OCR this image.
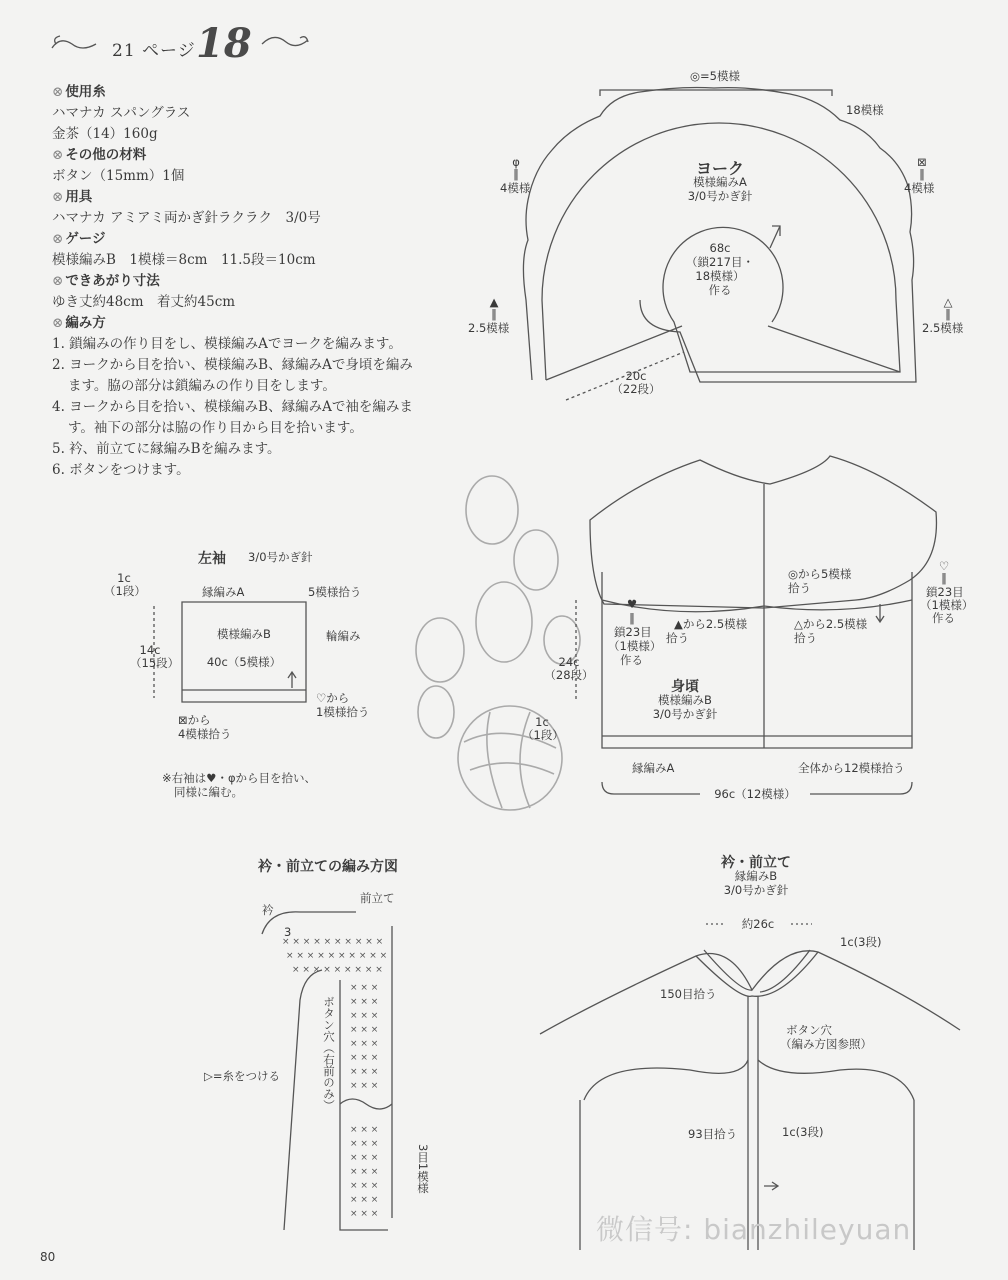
× × × × × × × × × ×
× × × × × × × × × ×
× × × × × × × × ×
× × ×
× × ×
× × ×
× × ×
× × ×
× × ×
× × ×
× × ×
× × ×
× × ×
× × ×
× × ×
× × ×
× × ×
× × ×
21 ページ 18
⊗ 使用糸
ハマナカ スパングラス
金茶（14）160g
⊗ その他の材料
ボタン（15mm）1個
⊗ 用具
ハマナカ アミアミ両かぎ針ラクラク　3/0号
⊗ ゲージ
模様編みB　1模様＝8cm　11.5段＝10cm
⊗ できあがり寸法
ゆき丈約48cm　着丈約45cm
⊗ 編み方
1. 鎖編みの作り目をし、模様編みAでヨークを編みます。
2. ヨークから目を拾い、模様編みB、縁編みAで身頃を編みます。脇の部分は鎖編みの作り目をします。
4. ヨークから目を拾い、模様編みB、縁編みAで袖を編みます。袖下の部分は脇の作り目から目を拾います。
5. 衿、前立てに縁編みBを編みます。
6. ボタンをつけます。
◎=5模様
18模様
ヨーク
模様編みA
3/0号かぎ針
φ
‖
4模様
⊠
‖
4模様
68c
（鎖217目・
18模様）
作る
▲
‖
2.5模様
△
‖
2.5模様
20c
（22段）
◎から5模様
拾う
♥
‖
鎖23目
（1模様）
作る
▲から2.5模様
拾う
△から2.5模様
拾う
♡
‖
鎖23目
（1模様）
作る
24c
（28段）
身頃
模様編みB
3/0号かぎ針
1c
（1段）
縁編みA	全体から12模様拾う
96c（12模様）
左袖 3/0号かぎ針
1c
（1段）	縁編みA	5模様拾う
模様編みB	輪編み
14c
（15段）	40c（5模様）
♡から
1模様拾う
⊠から
4模様拾う
※右袖は♥・φから目を拾い、
同様に編む。
衿・前立ての編み方図
衿
前立て
3
ボタン穴（右前のみ）
▷=糸をつける
3目1模様
衿・前立て
縁編みB
3/0号かぎ針
約26c
1c(3段)
150目拾う
ボタン穴
（編み方図参照）
93目拾う	1c(3段)
微信号: bianzhileyuan
80
